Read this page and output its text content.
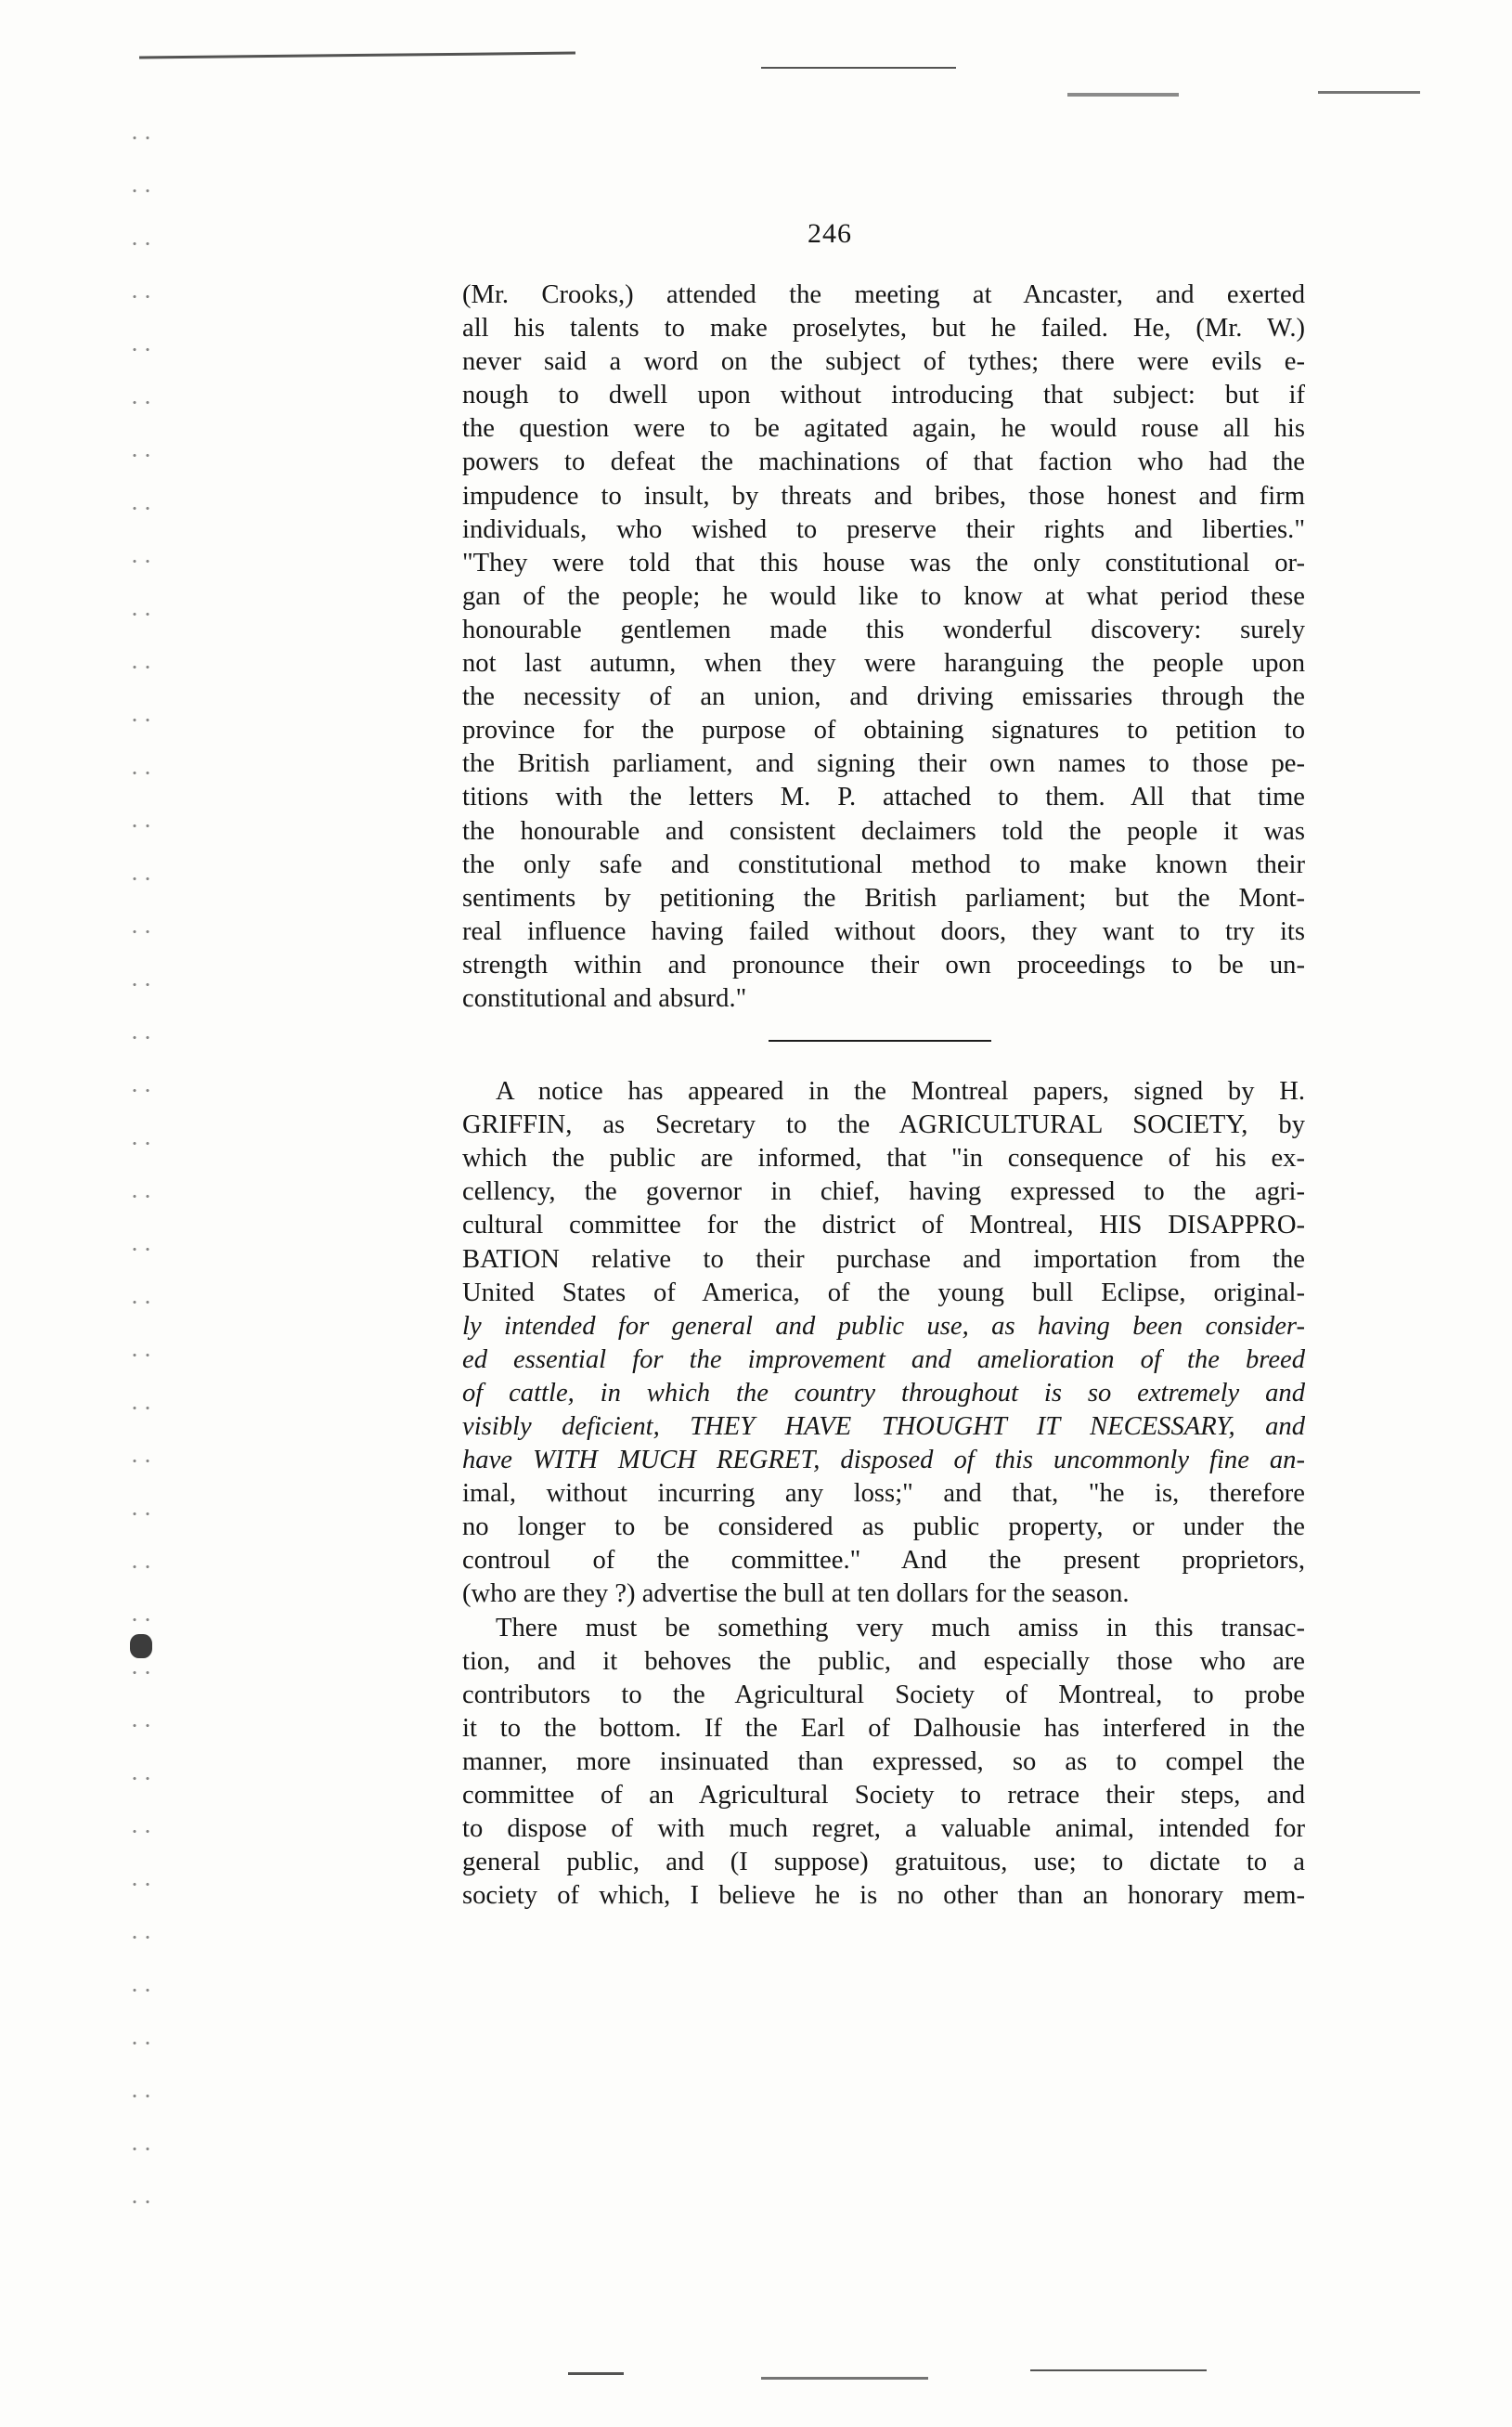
246

(Mr. Crooks,) attended the meeting at Ancaster, and exerted
all his talents to make proselytes, but he failed. He, (Mr. W.)
never said a word on the subject of tythes; there were evils e-
nough to dwell upon without introducing that subject: but if
the question were to be agitated again, he would rouse all his
powers to defeat the machinations of that faction who had the
impudence to insult, by threats and bribes, those honest and firm
individuals, who wished to preserve their rights and liberties."
"They were told that this house was the only constitutional or-
gan of the people; he would like to know at what period these
honourable gentlemen made this wonderful discovery: surely
not last autumn, when they were haranguing the people upon
the necessity of an union, and driving emissaries through the
province for the purpose of obtaining signatures to petition to
the British parliament, and signing their own names to those pe-
titions with the letters M. P. attached to them. All that time
the honourable and consistent declaimers told the people it was
the only safe and constitutional method to make known their
sentiments by petitioning the British parliament; but the Mont-
real influence having failed without doors, they want to try its
strength within and pronounce their own proceedings to be un-
constitutional and absurd."

A notice has appeared in the Montreal papers, signed by H.
GRIFFIN, as Secretary to the AGRICULTURAL SOCIETY, by
which the public are informed, that "in consequence of his ex-
cellency, the governor in chief, having expressed to the agri-
cultural committee for the district of Montreal, HIS DISAPPRO-
BATION relative to their purchase and importation from the
United States of America, of the young bull Eclipse, original-
ly intended for general and public use, as having been consider-
ed essential for the improvement and amelioration of the breed
of cattle, in which the country throughout is so extremely and
visibly deficient, THEY HAVE THOUGHT IT NECESSARY, and
have WITH MUCH REGRET, disposed of this uncommonly fine an-
imal, without incurring any loss;" and that, "he is, therefore
no longer to be considered as public property, or under the
controul of the committee." And the present proprietors,
(who are they ?) advertise the bull at ten dollars for the season.

There must be something very much amiss in this transac-
tion, and it behoves the public, and especially those who are
contributors to the Agricultural Society of Montreal, to probe
it to the bottom. If the Earl of Dalhousie has interfered in the
manner, more insinuated than expressed, so as to compel the
committee of an Agricultural Society to retrace their steps, and
to dispose of with much regret, a valuable animal, intended for
general public, and (I suppose) gratuitous, use; to dictate to a
society of which, I believe he is no other than an honorary mem-
